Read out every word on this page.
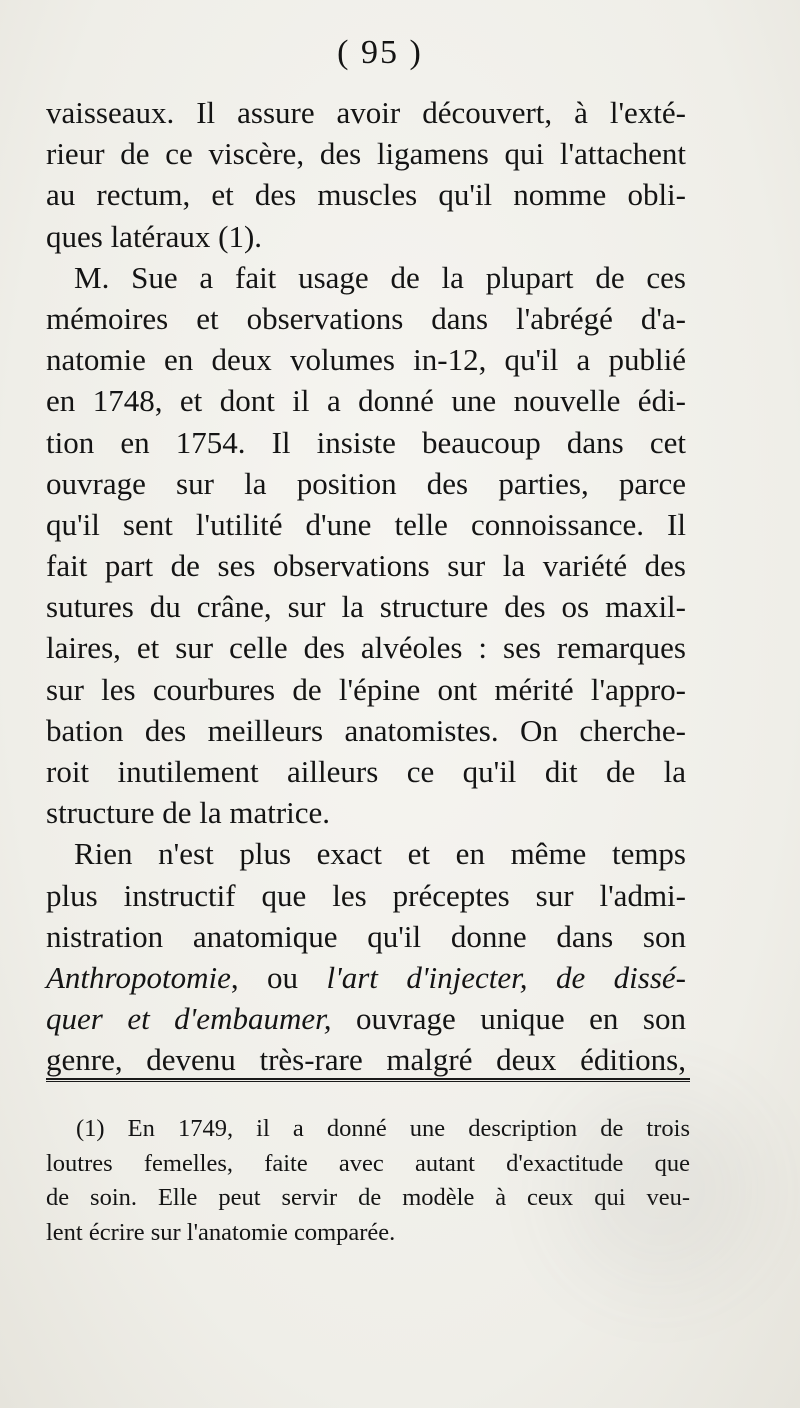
( 95 )
vaisseaux. Il assure avoir découvert, à l'exté-
rieur de ce viscère, des ligamens qui l'attachent
au rectum, et des muscles qu'il nomme obli-
ques latéraux (1).
M. Sue a fait usage de la plupart de ces
mémoires et observations dans l'abrégé d'a-
natomie en deux volumes in-12, qu'il a publié
en 1748, et dont il a donné une nouvelle édi-
tion en 1754. Il insiste beaucoup dans cet
ouvrage sur la position des parties, parce
qu'il sent l'utilité d'une telle connoissance. Il
fait part de ses observations sur la variété des
sutures du crâne, sur la structure des os maxil-
laires, et sur celle des alvéoles : ses remarques
sur les courbures de l'épine ont mérité l'appro-
bation des meilleurs anatomistes. On cherche-
roit inutilement ailleurs ce qu'il dit de la
structure de la matrice.
Rien n'est plus exact et en même temps
plus instructif que les préceptes sur l'admi-
nistration anatomique qu'il donne dans son
Anthropotomie, ou l'art d'injecter, de dissé-
quer et d'embaumer, ouvrage unique en son
genre, devenu très-rare malgré deux éditions,
(1) En 1749, il a donné une description de trois
loutres femelles, faite avec autant d'exactitude que
de soin. Elle peut servir de modèle à ceux qui veu-
lent écrire sur l'anatomie comparée.
